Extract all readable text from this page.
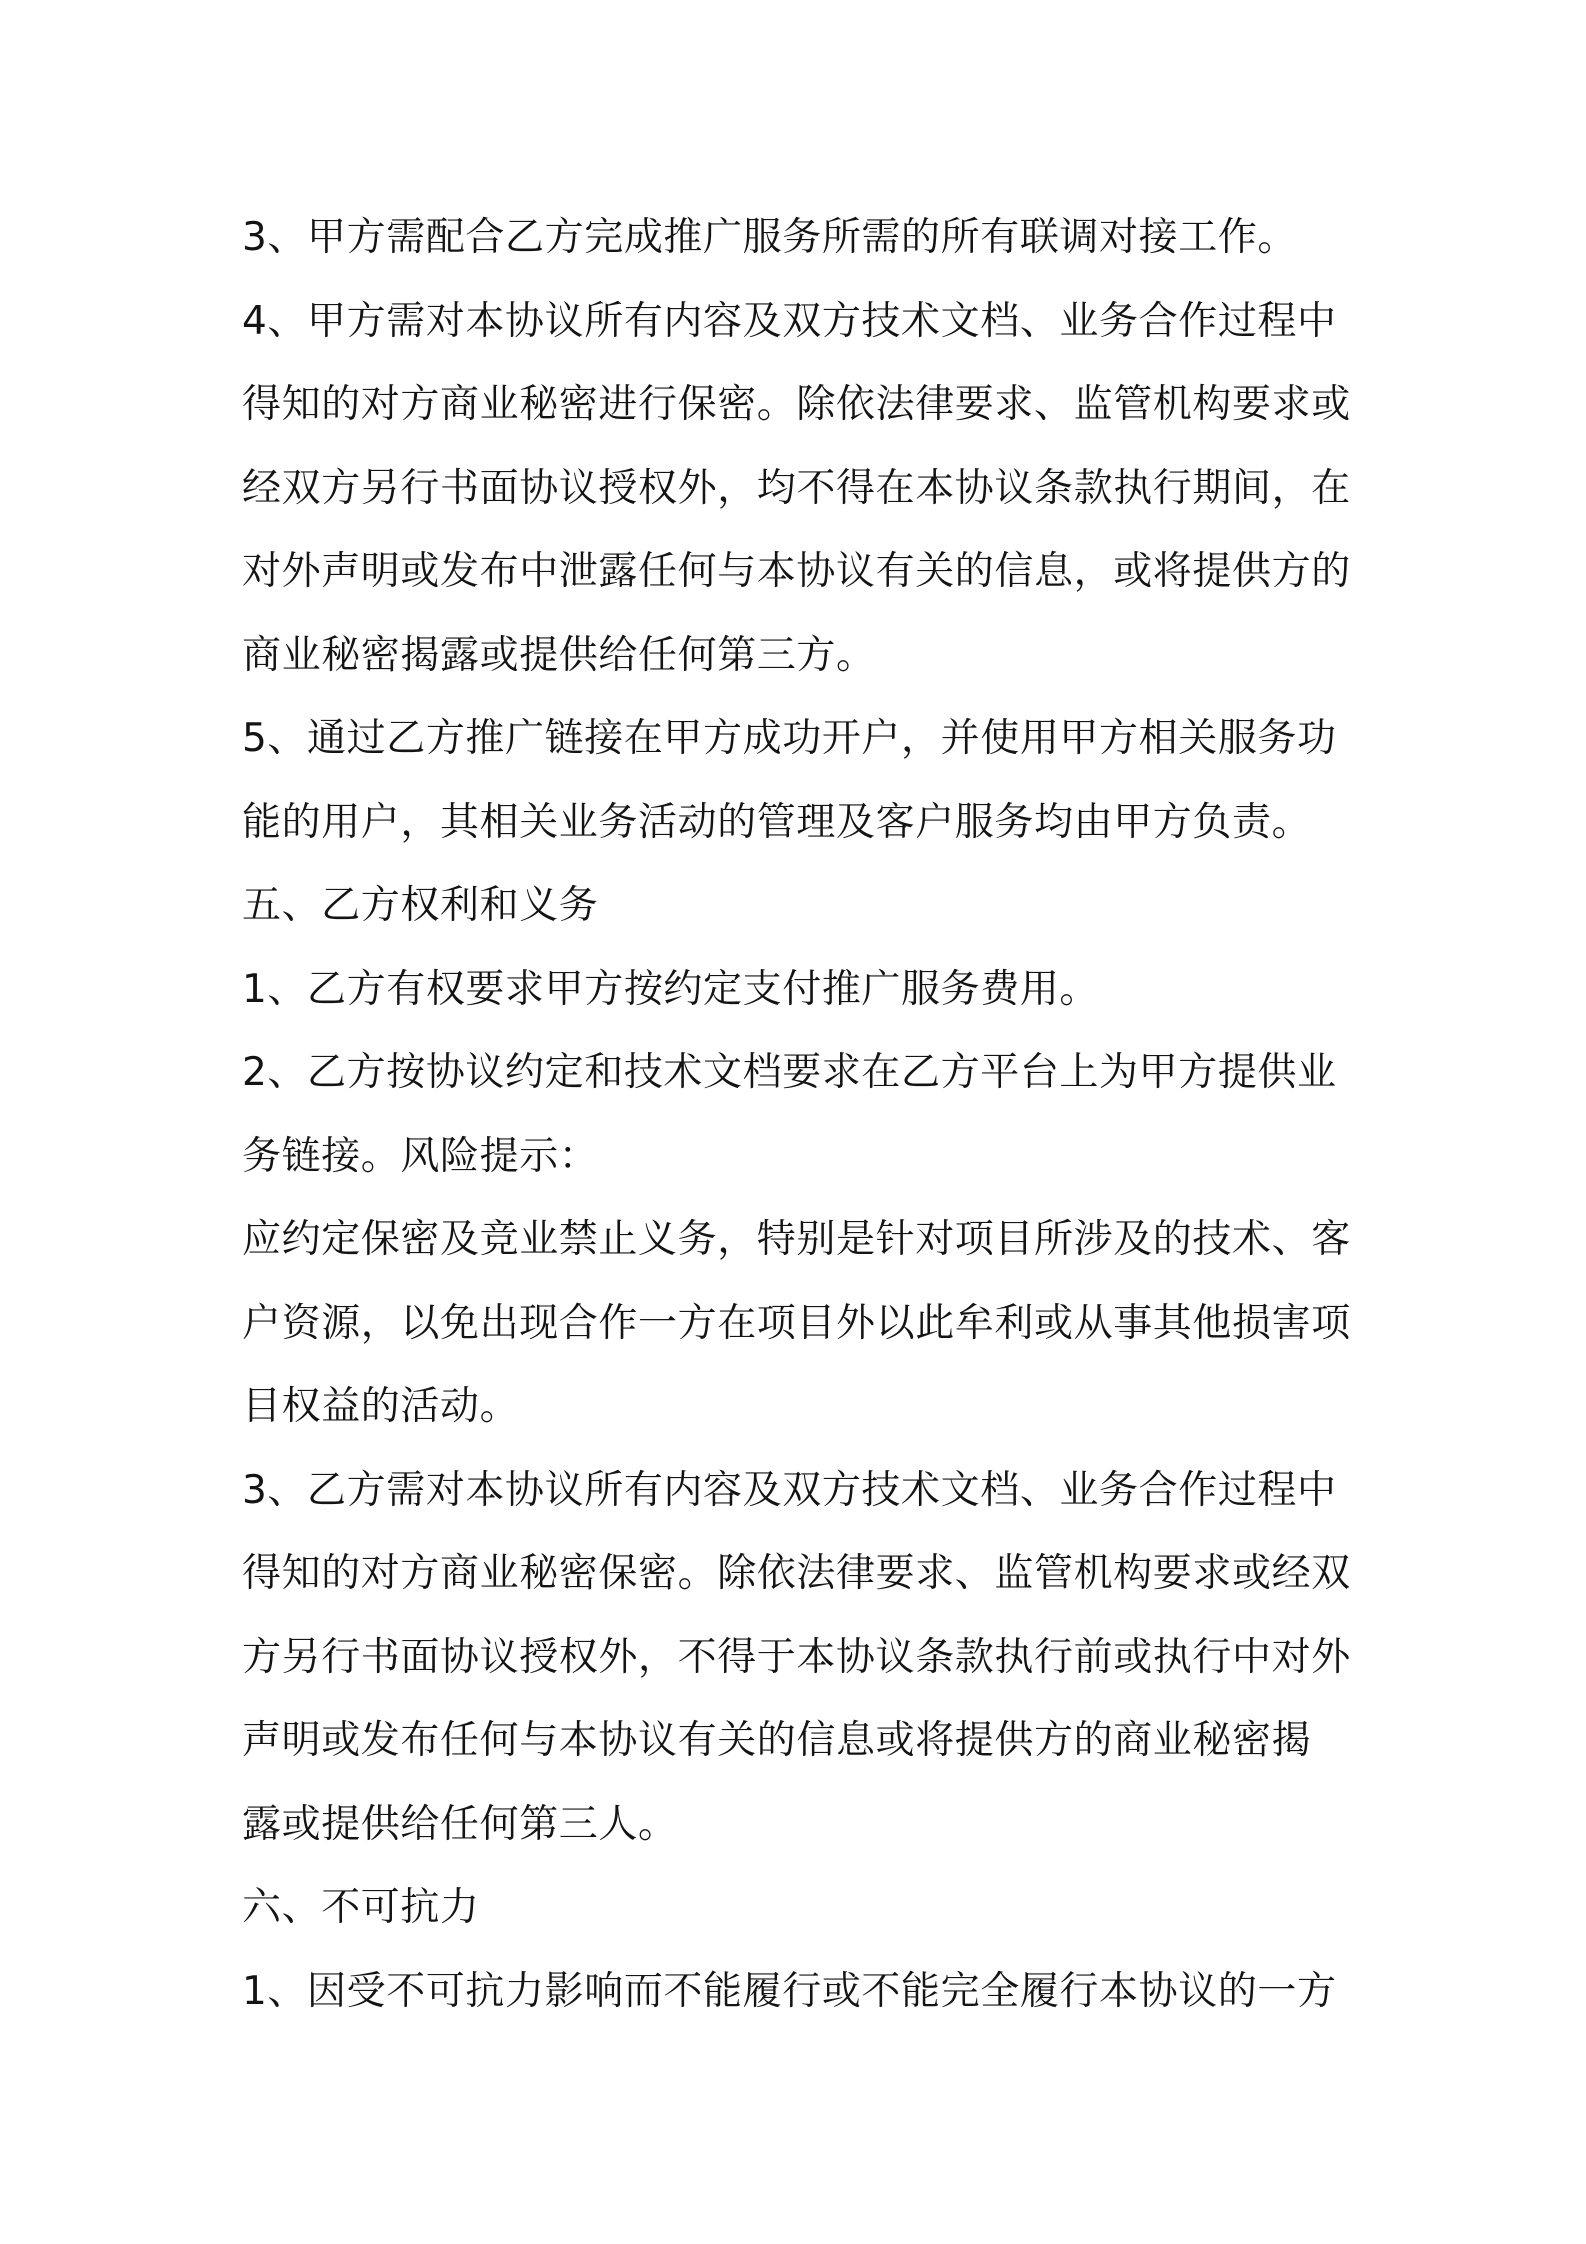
3、甲方需配合乙方完成推广服务所需的所有联调对接工作。
4、甲方需对本协议所有内容及双方技术文档、业务合作过程中
得知的对方商业秘密进行保密。除依法律要求、监管机构要求或
经双方另行书面协议授权外，均不得在本协议条款执行期间，在
对外声明或发布中泄露任何与本协议有关的信息，或将提供方的
商业秘密揭露或提供给任何第三方。
5、通过乙方推广链接在甲方成功开户，并使用甲方相关服务功
能的用户，其相关业务活动的管理及客户服务均由甲方负责。
五、乙方权利和义务
1、乙方有权要求甲方按约定支付推广服务费用。
2、乙方按协议约定和技术文档要求在乙方平台上为甲方提供业
务链接。风险提示：
应约定保密及竞业禁止义务，特别是针对项目所涉及的技术、客
户资源，以免出现合作一方在项目外以此牟利或从事其他损害项
目权益的活动。
3、乙方需对本协议所有内容及双方技术文档、业务合作过程中
得知的对方商业秘密保密。除依法律要求、监管机构要求或经双
方另行书面协议授权外，不得于本协议条款执行前或执行中对外
声明或发布任何与本协议有关的信息或将提供方的商业秘密揭
露或提供给任何第三人。
六、不可抗力
1、因受不可抗力影响而不能履行或不能完全履行本协议的一方
